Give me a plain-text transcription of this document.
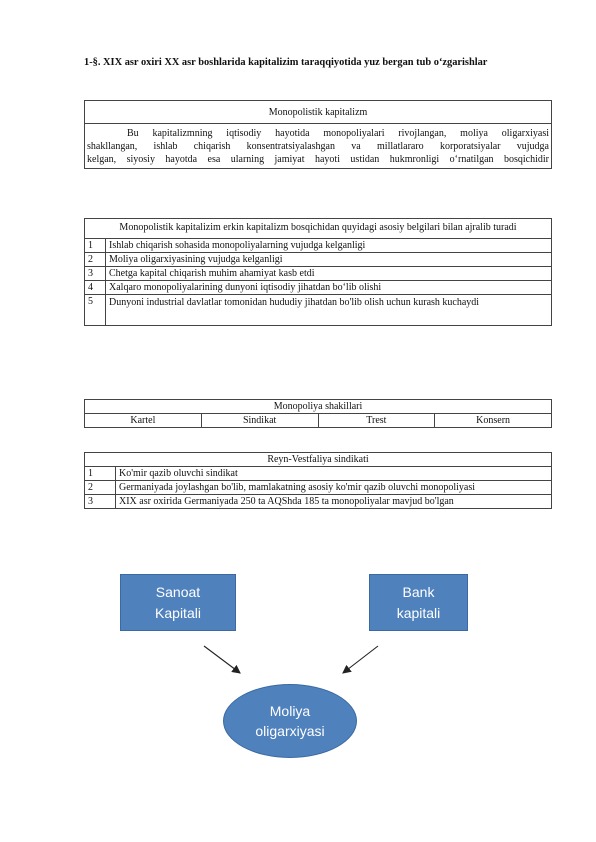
1-§. XIX asr oxiri XX asr boshlarida kapitalizim taraqqiyotida yuz bergan tub o‘zgarishlar
Monopolistik kapitalizm

Bu kapitalizmning iqtisodiy hayotida monopoliyalari rivojlangan, moliya oligarxiyasi
shakllangan, ishlab chiqarish konsentratsiyalashgan va millatlararo korporatsiyalar vujudga
kelgan, siyosiy hayotda esa ularning jamiyat hayoti ustidan hukmronligi o‘rnatilgan bosqichidir
Monopolistik kapitalizim erkin kapitalizm bosqichidan quyidagi asosiy belgilari bilan ajralib turadi	
1	Ishlab chiqarish sohasida monopoliyalarning vujudga kelganligi
2	Moliya oligarxiyasining vujudga kelganligi
3	Chetga kapital chiqarish muhim ahamiyat kasb etdi
4	Xalqaro monopoliyalarining dunyoni iqtisodiy jihatdan bo‘lib olishi
5	Dunyoni industrial davlatlar tomonidan hududiy jihatdan bo'lib olish uchun kurash kuchaydi
Monopoliya shakillari
Kartel	Sindikat	Trest	Konsern
Reyn-Vestfaliya sindikati	
1	Ko'mir qazib oluvchi sindikat
2	Germaniyada joylashgan bo'lib, mamlakatning asosiy ko'mir qazib oluvchi monopoliyasi
3	XIX asr oxirida Germaniyada 250 ta AQShda 185 ta monopoliyalar mavjud bo'lgan
Sanoat
Kapitali
Bank
kapitali
Moliya
oligarxiyasi
